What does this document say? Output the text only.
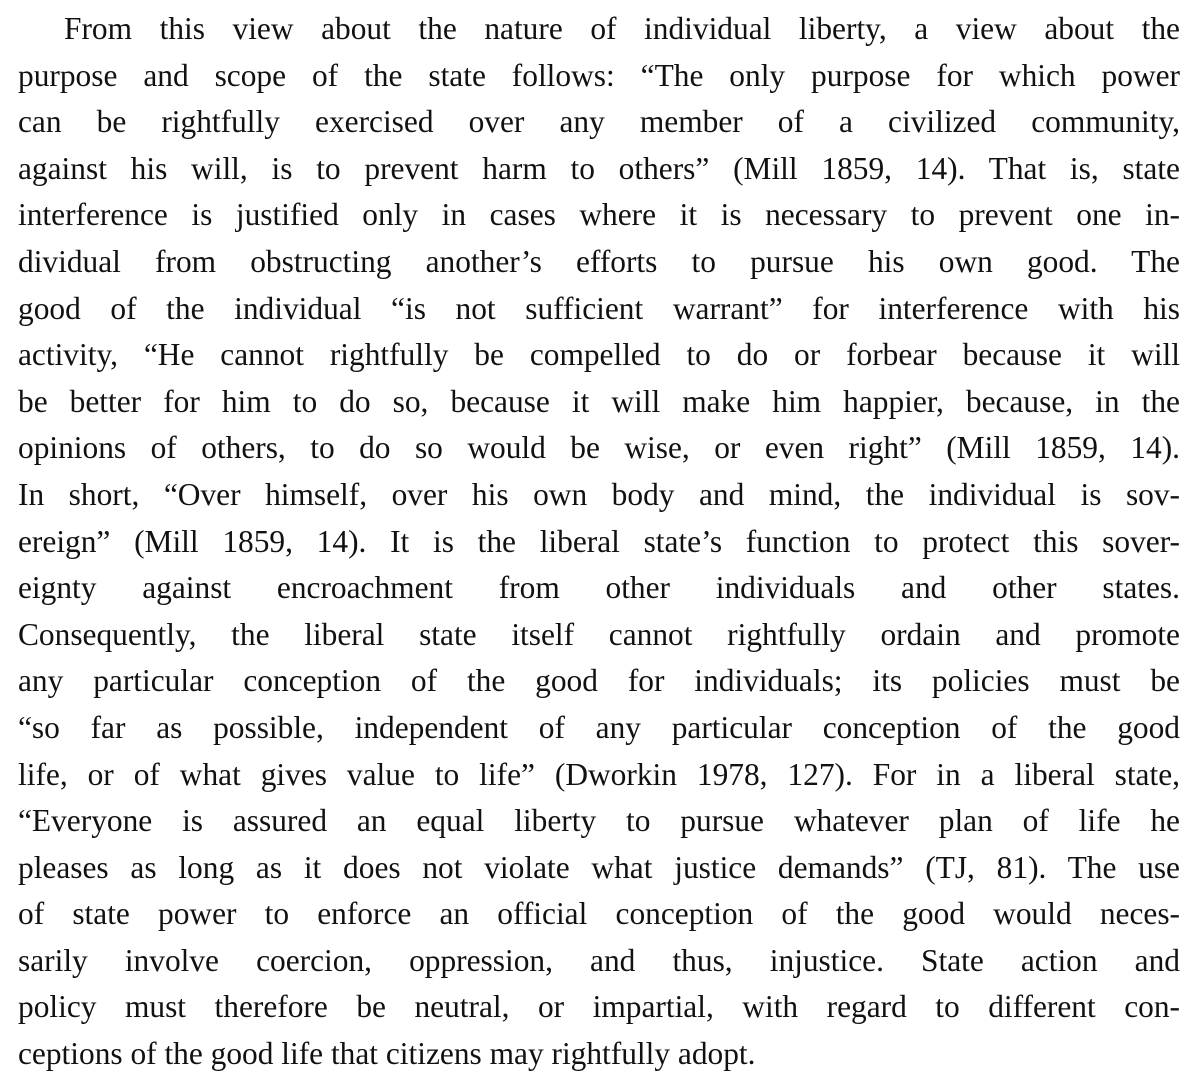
From this view about the nature of individual liberty, a view about the
purpose and scope of the state follows: “The only purpose for which power
can be rightfully exercised over any member of a civilized community,
against his will, is to prevent harm to others” (Mill 1859, 14). That is, state
interference is justified only in cases where it is necessary to prevent one in-
dividual from obstructing another’s efforts to pursue his own good. The
good of the individual “is not sufficient warrant” for interference with his
activity, “He cannot rightfully be compelled to do or forbear because it will
be better for him to do so, because it will make him happier, because, in the
opinions of others, to do so would be wise, or even right” (Mill 1859, 14).
In short, “Over himself, over his own body and mind, the individual is sov-
ereign” (Mill 1859, 14). It is the liberal state’s function to protect this sover-
eignty against encroachment from other individuals and other states.
Consequently, the liberal state itself cannot rightfully ordain and promote
any particular conception of the good for individuals; its policies must be
“so far as possible, independent of any particular conception of the good
life, or of what gives value to life” (Dworkin 1978, 127). For in a liberal state,
“Everyone is assured an equal liberty to pursue whatever plan of life he
pleases as long as it does not violate what justice demands” (TJ, 81). The use
of state power to enforce an official conception of the good would neces-
sarily involve coercion, oppression, and thus, injustice. State action and
policy must therefore be neutral, or impartial, with regard to different con-
ceptions of the good life that citizens may rightfully adopt.
